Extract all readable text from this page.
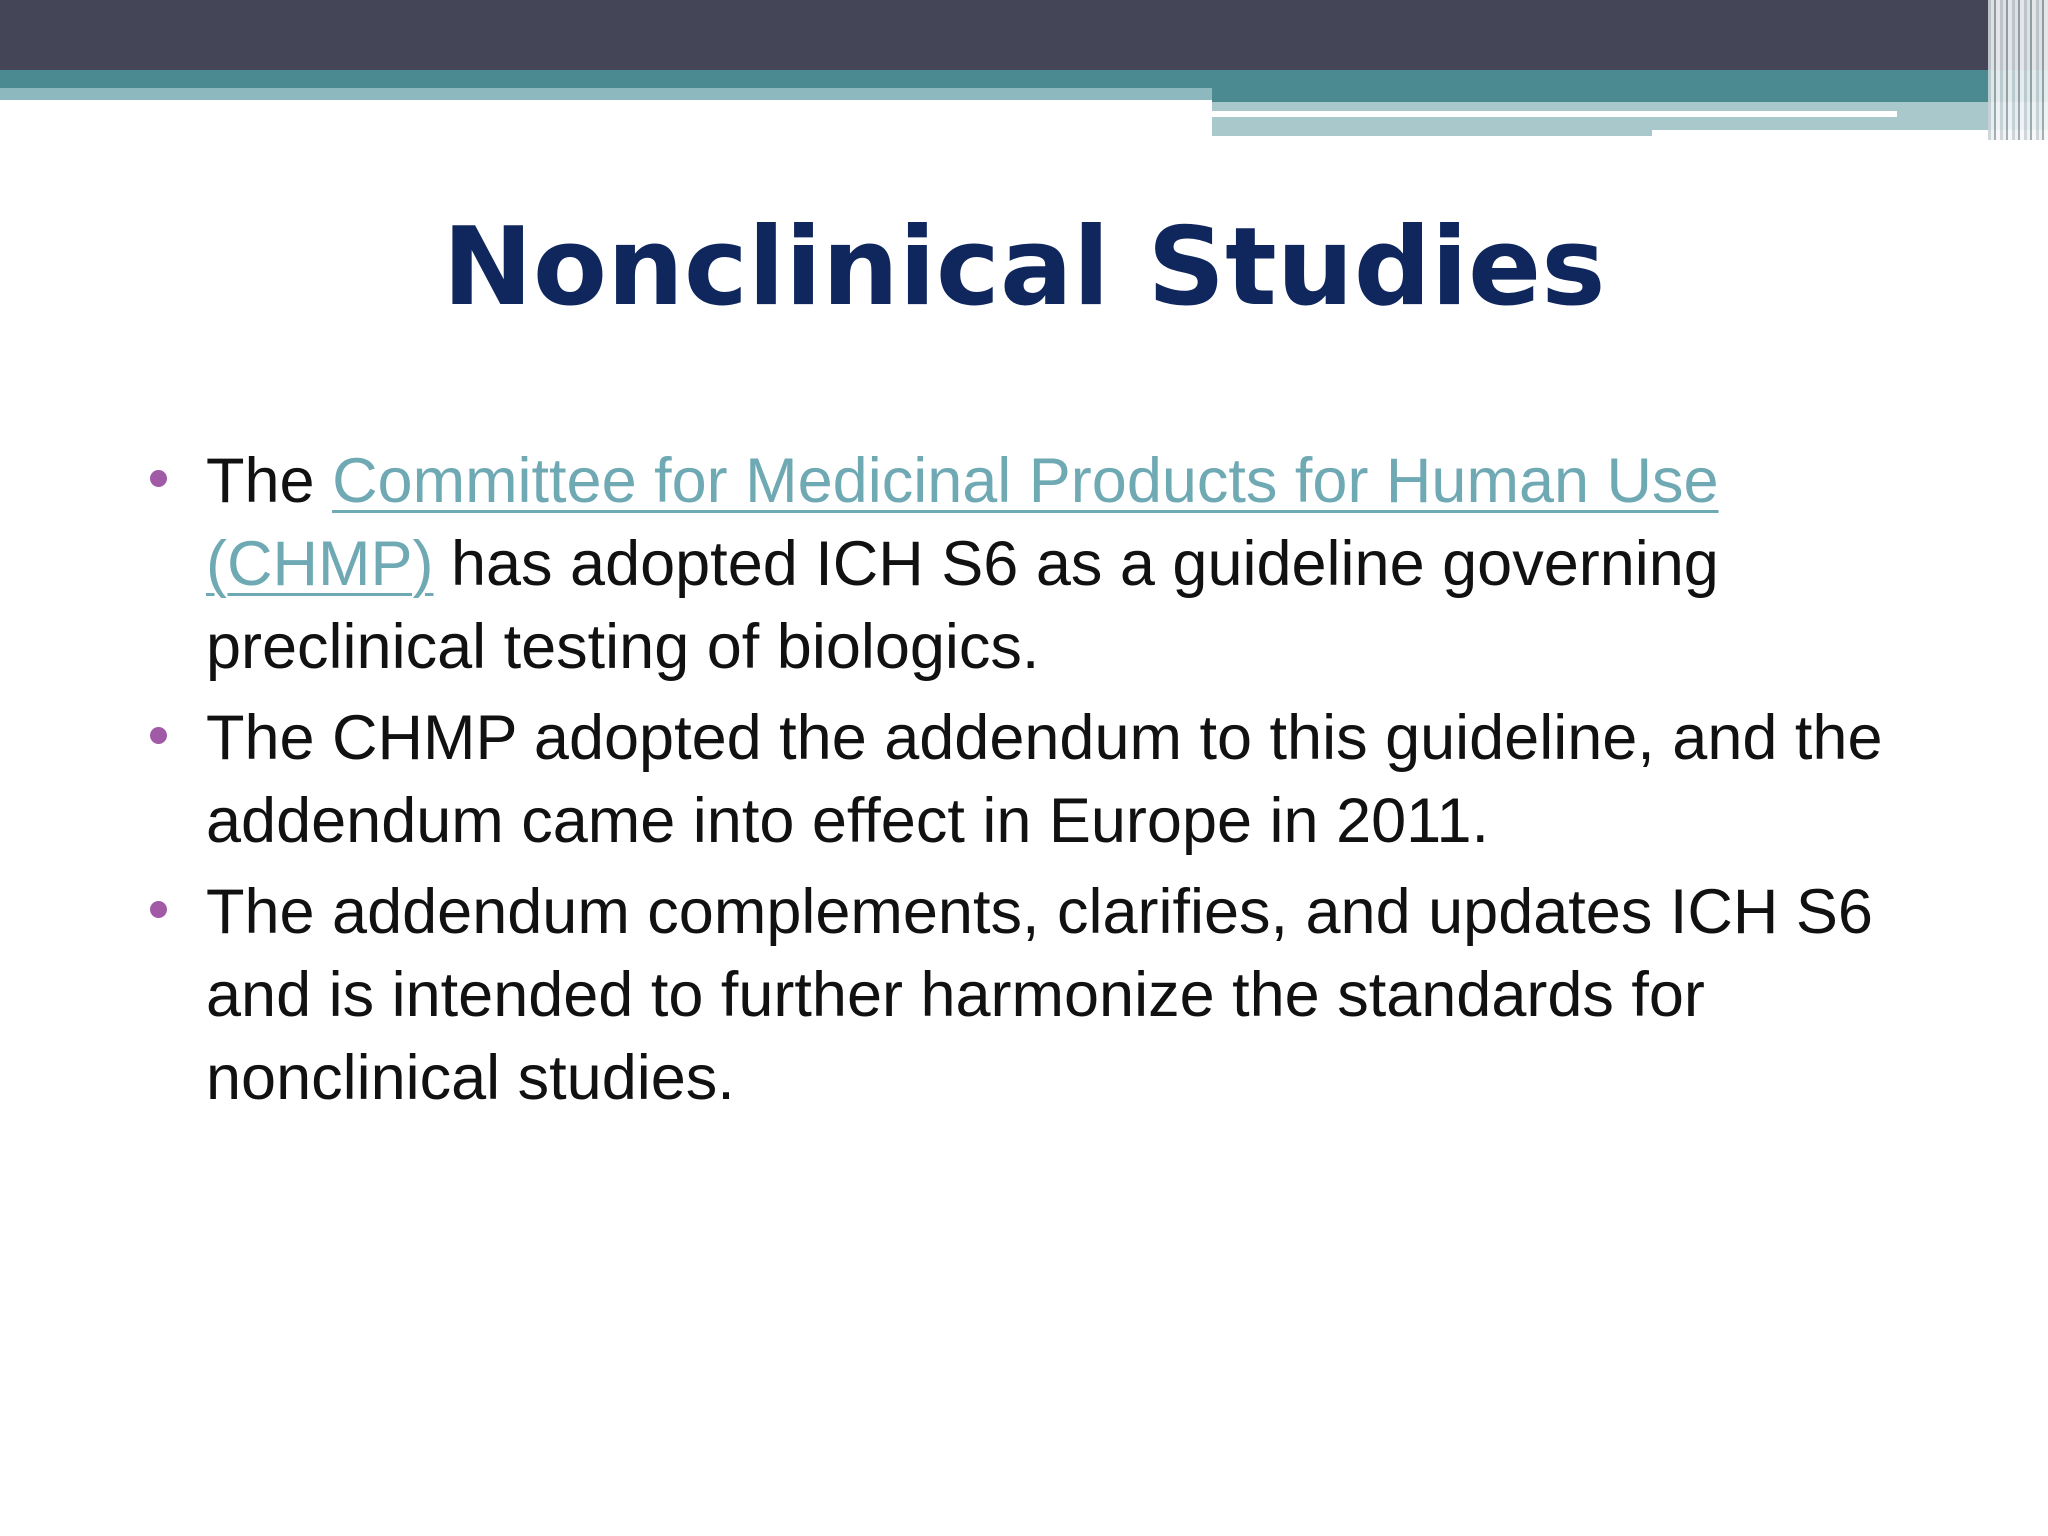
Nonclinical Studies
The Committee for Medicinal Products for Human Use (CHMP) has adopted ICH S6 as a guideline governing preclinical testing of biologics.
The CHMP adopted the addendum to this guideline, and the addendum came into effect in Europe in 2011.
The addendum complements, clarifies, and updates ICH S6 and is intended to further harmonize the standards for nonclinical studies.
